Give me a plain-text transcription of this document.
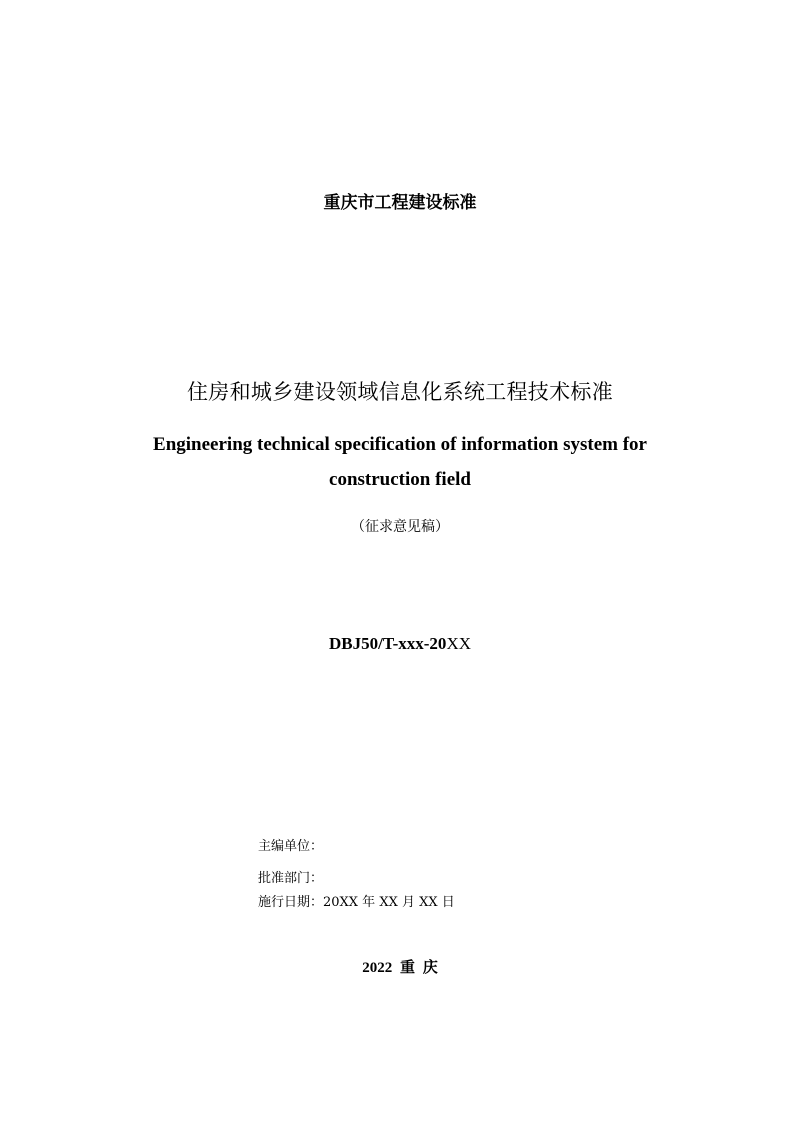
重庆市工程建设标准
住房和城乡建设领域信息化系统工程技术标准
Engineering technical specification of information system for
construction field
（征求意见稿）
DBJ50/T-xxx-20XX
主编单位：
批准部门：
施行日期：20XX 年 XX 月 XX 日
2022 重 庆
